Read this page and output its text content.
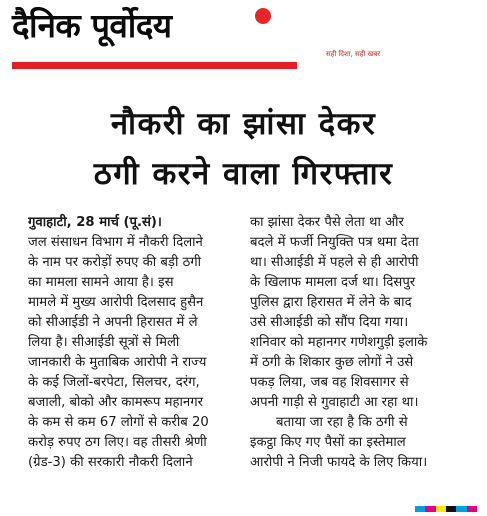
दैनिक पूर्वोदय
सही दिशा, सही खबर
नौकरी का झांसा देकर
ठगी करने वाला गिरफ्तार
गुवाहाटी, 28 मार्च (पू.सं)।
जल संसाधन विभाग में नौकरी दिलाने
के नाम पर करोड़ों रुपए की बड़ी ठगी
का मामला सामने आया है। इस
मामले में मुख्य आरोपी दिलसाद हुसैन
को सीआईडी ने अपनी हिरासत में ले
लिया है। सीआईडी सूत्रों से मिली
जानकारी के मुताबिक आरोपी ने राज्य
के कई जिलों-बरपेटा, सिलचर, दरंग,
बजाली, बोको और कामरूप महानगर
के कम से कम 67 लोगों से करीब 20
करोड़ रुपए ठग लिए। वह तीसरी श्रेणी
(ग्रेड-3) की सरकारी नौकरी दिलाने
का झांसा देकर पैसे लेता था और
बदले में फर्जी नियुक्ति पत्र थमा देता
था। सीआईडी में पहले से ही आरोपी
के खिलाफ मामला दर्ज था। दिसपुर
पुलिस द्वारा हिरासत में लेने के बाद
उसे सीआईडी को सौंप दिया गया।
शनिवार को महानगर गणेशगुड़ी इलाके
में ठगी के शिकार कुछ लोगों ने उसे
पकड़ लिया, जब वह शिवसागर से
अपनी गाड़ी से गुवाहाटी आ रहा था।
बताया जा रहा है कि ठगी से
इकट्ठा किए गए पैसों का इस्तेमाल
आरोपी ने निजी फायदे के लिए किया।
